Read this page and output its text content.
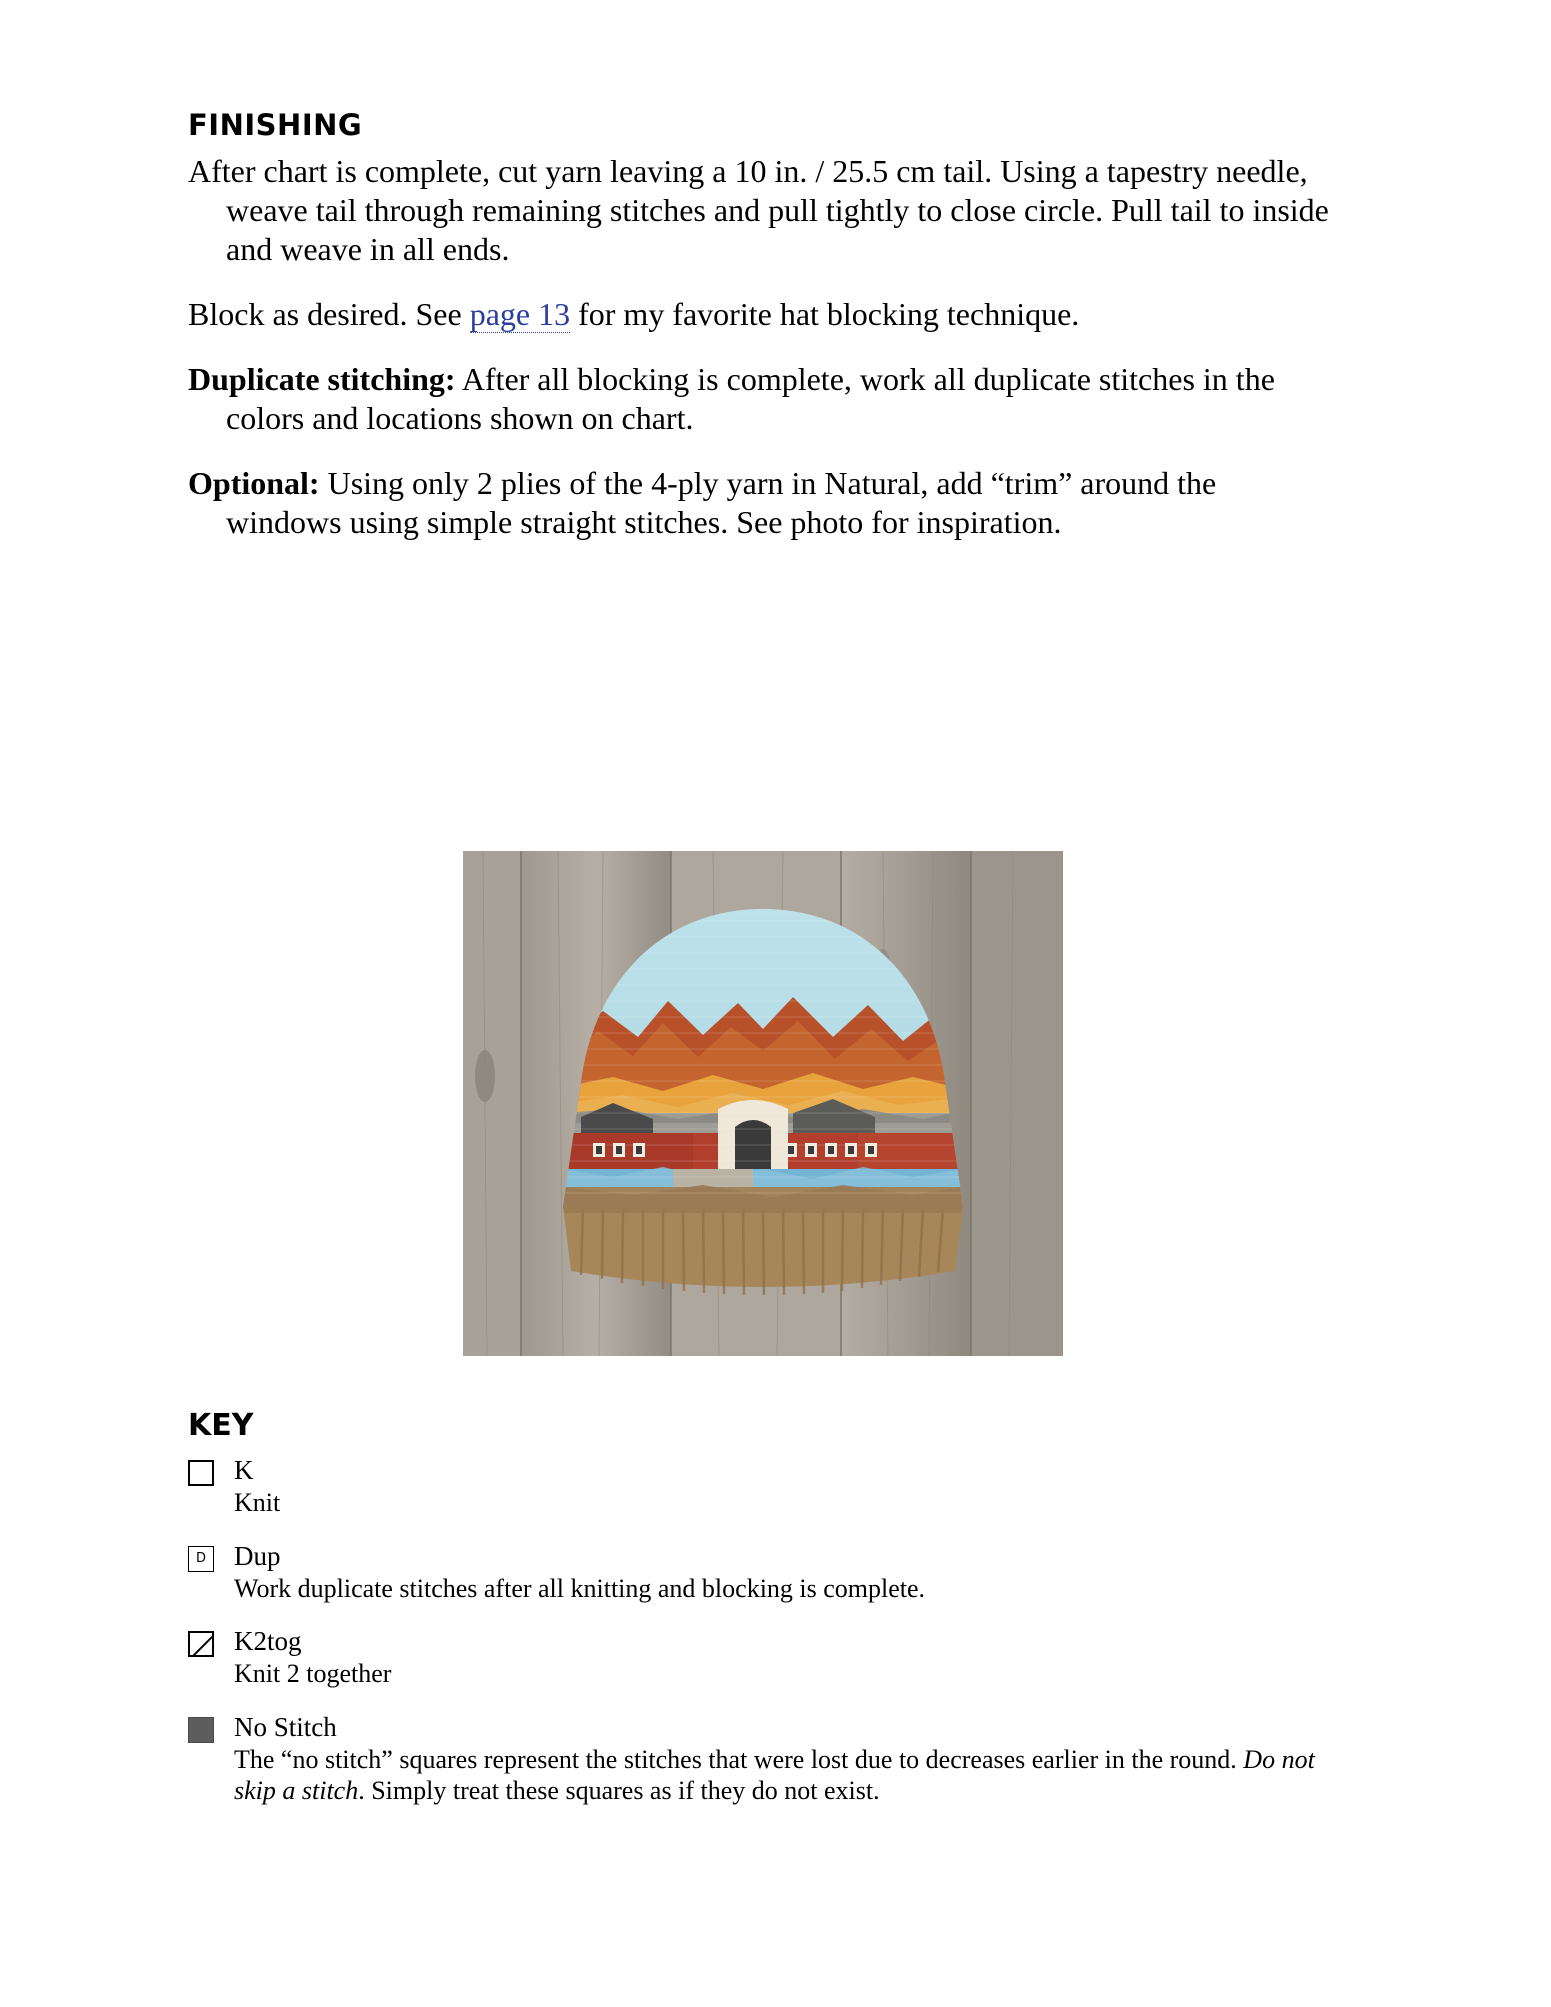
FINISHING

After chart is complete, cut yarn leaving a 10 in. / 25.5 cm tail. Using a tapestry needle, weave tail through remaining stitches and pull tightly to close circle. Pull tail to inside and weave in all ends.

Block as desired. See page 13 for my favorite hat blocking technique.

Duplicate stitching: After all blocking is complete, work all duplicate stitches in the colors and locations shown on chart.

Optional: Using only 2 plies of the 4-ply yarn in Natural, add “trim” around the windows using simple straight stitches. See photo for inspiration.

KEY
K
Knit
D Dup
Work duplicate stitches after all knitting and blocking is complete.
K2tog
Knit 2 together
No Stitch
The “no stitch” squares represent the stitches that were lost due to decreases earlier in the round. Do not skip a stitch. Simply treat these squares as if they do not exist.
